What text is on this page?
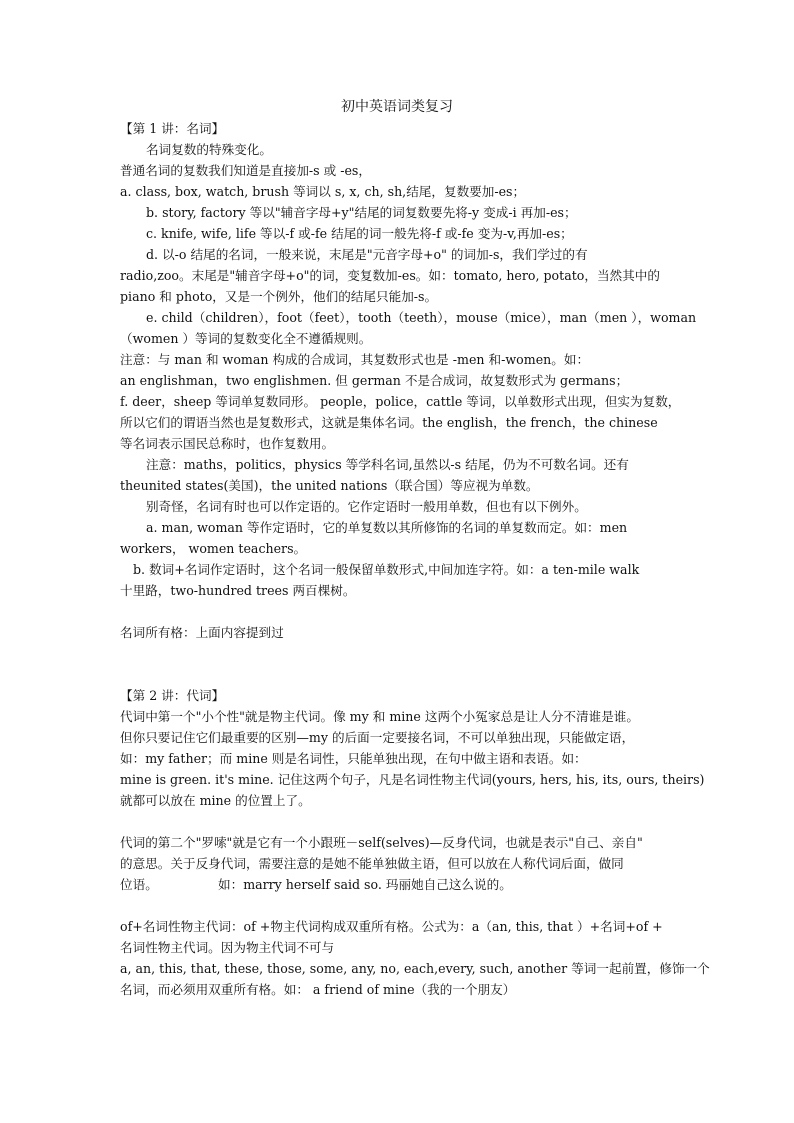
初中英语词类复习
【第 1 讲：名词】
名词复数的特殊变化。
普通名词的复数我们知道是直接加-s 或 -es，
a. class, box, watch, brush 等词以 s, x, ch, sh,结尾，复数要加-es；
b. story, factory 等以"辅音字母+y"结尾的词复数要先将-y 变成-i 再加-es；
c. knife, wife, life 等以-f 或-fe 结尾的词一般先将-f 或-fe 变为-v,再加-es；
d. 以-o 结尾的名词，一般来说，末尾是"元音字母+o" 的词加-s，我们学过的有
radio,zoo。末尾是"辅音字母+o"的词，变复数加-es。如：tomato, hero, potato，当然其中的
piano 和 photo，又是一个例外，他们的结尾只能加-s。
e. child（children），foot（feet），tooth（teeth），mouse（mice），man（men ），woman
（women ）等词的复数变化全不遵循规则。
注意：与 man 和 woman 构成的合成词，其复数形式也是 -men 和-women。如：
an englishman，two englishmen. 但 german 不是合成词，故复数形式为 germans；
f. deer，sheep 等词单复数同形。 people，police，cattle 等词，以单数形式出现，但实为复数，
所以它们的谓语当然也是复数形式，这就是集体名词。the english，the french，the chinese
等名词表示国民总称时，也作复数用。
注意：maths，politics，physics 等学科名词,虽然以-s 结尾，仍为不可数名词。还有
theunited states(美国)，the united nations（联合国）等应视为单数。
别奇怪，名词有时也可以作定语的。它作定语时一般用单数，但也有以下例外。
a. man, woman 等作定语时，它的单复数以其所修饰的名词的单复数而定。如：men
workers， women teachers。
b. 数词+名词作定语时，这个名词一般保留单数形式,中间加连字符。如：a ten-mile walk
十里路，two-hundred trees 两百棵树。
名词所有格：上面内容提到过
【第 2 讲：代词】
代词中第一个"小个性"就是物主代词。像 my 和 mine 这两个小冤家总是让人分不清谁是谁。
但你只要记住它们最重要的区别—my 的后面一定要接名词，不可以单独出现，只能做定语，
如：my father；而 mine 则是名词性，只能单独出现，在句中做主语和表语。如：
mine is green. it's mine. 记住这两个句子，凡是名词性物主代词(yours, hers, his, its, ours, theirs)
就都可以放在 mine 的位置上了。
代词的第二个"罗嗦"就是它有一个小跟班－self(selves)—反身代词，也就是表示"自己、亲自"
的意思。关于反身代词，需要注意的是她不能单独做主语，但可以放在人称代词后面，做同
位语。	如：marry herself said so. 玛丽她自己这么说的。
of+名词性物主代词：of +物主代词构成双重所有格。公式为：a（an, this, that ）+名词+of +
名词性物主代词。因为物主代词不可与
a, an, this, that, these, those, some, any, no, each,every, such, another 等词一起前置，修饰一个
名词，而必须用双重所有格。如： a friend of mine（我的一个朋友）
